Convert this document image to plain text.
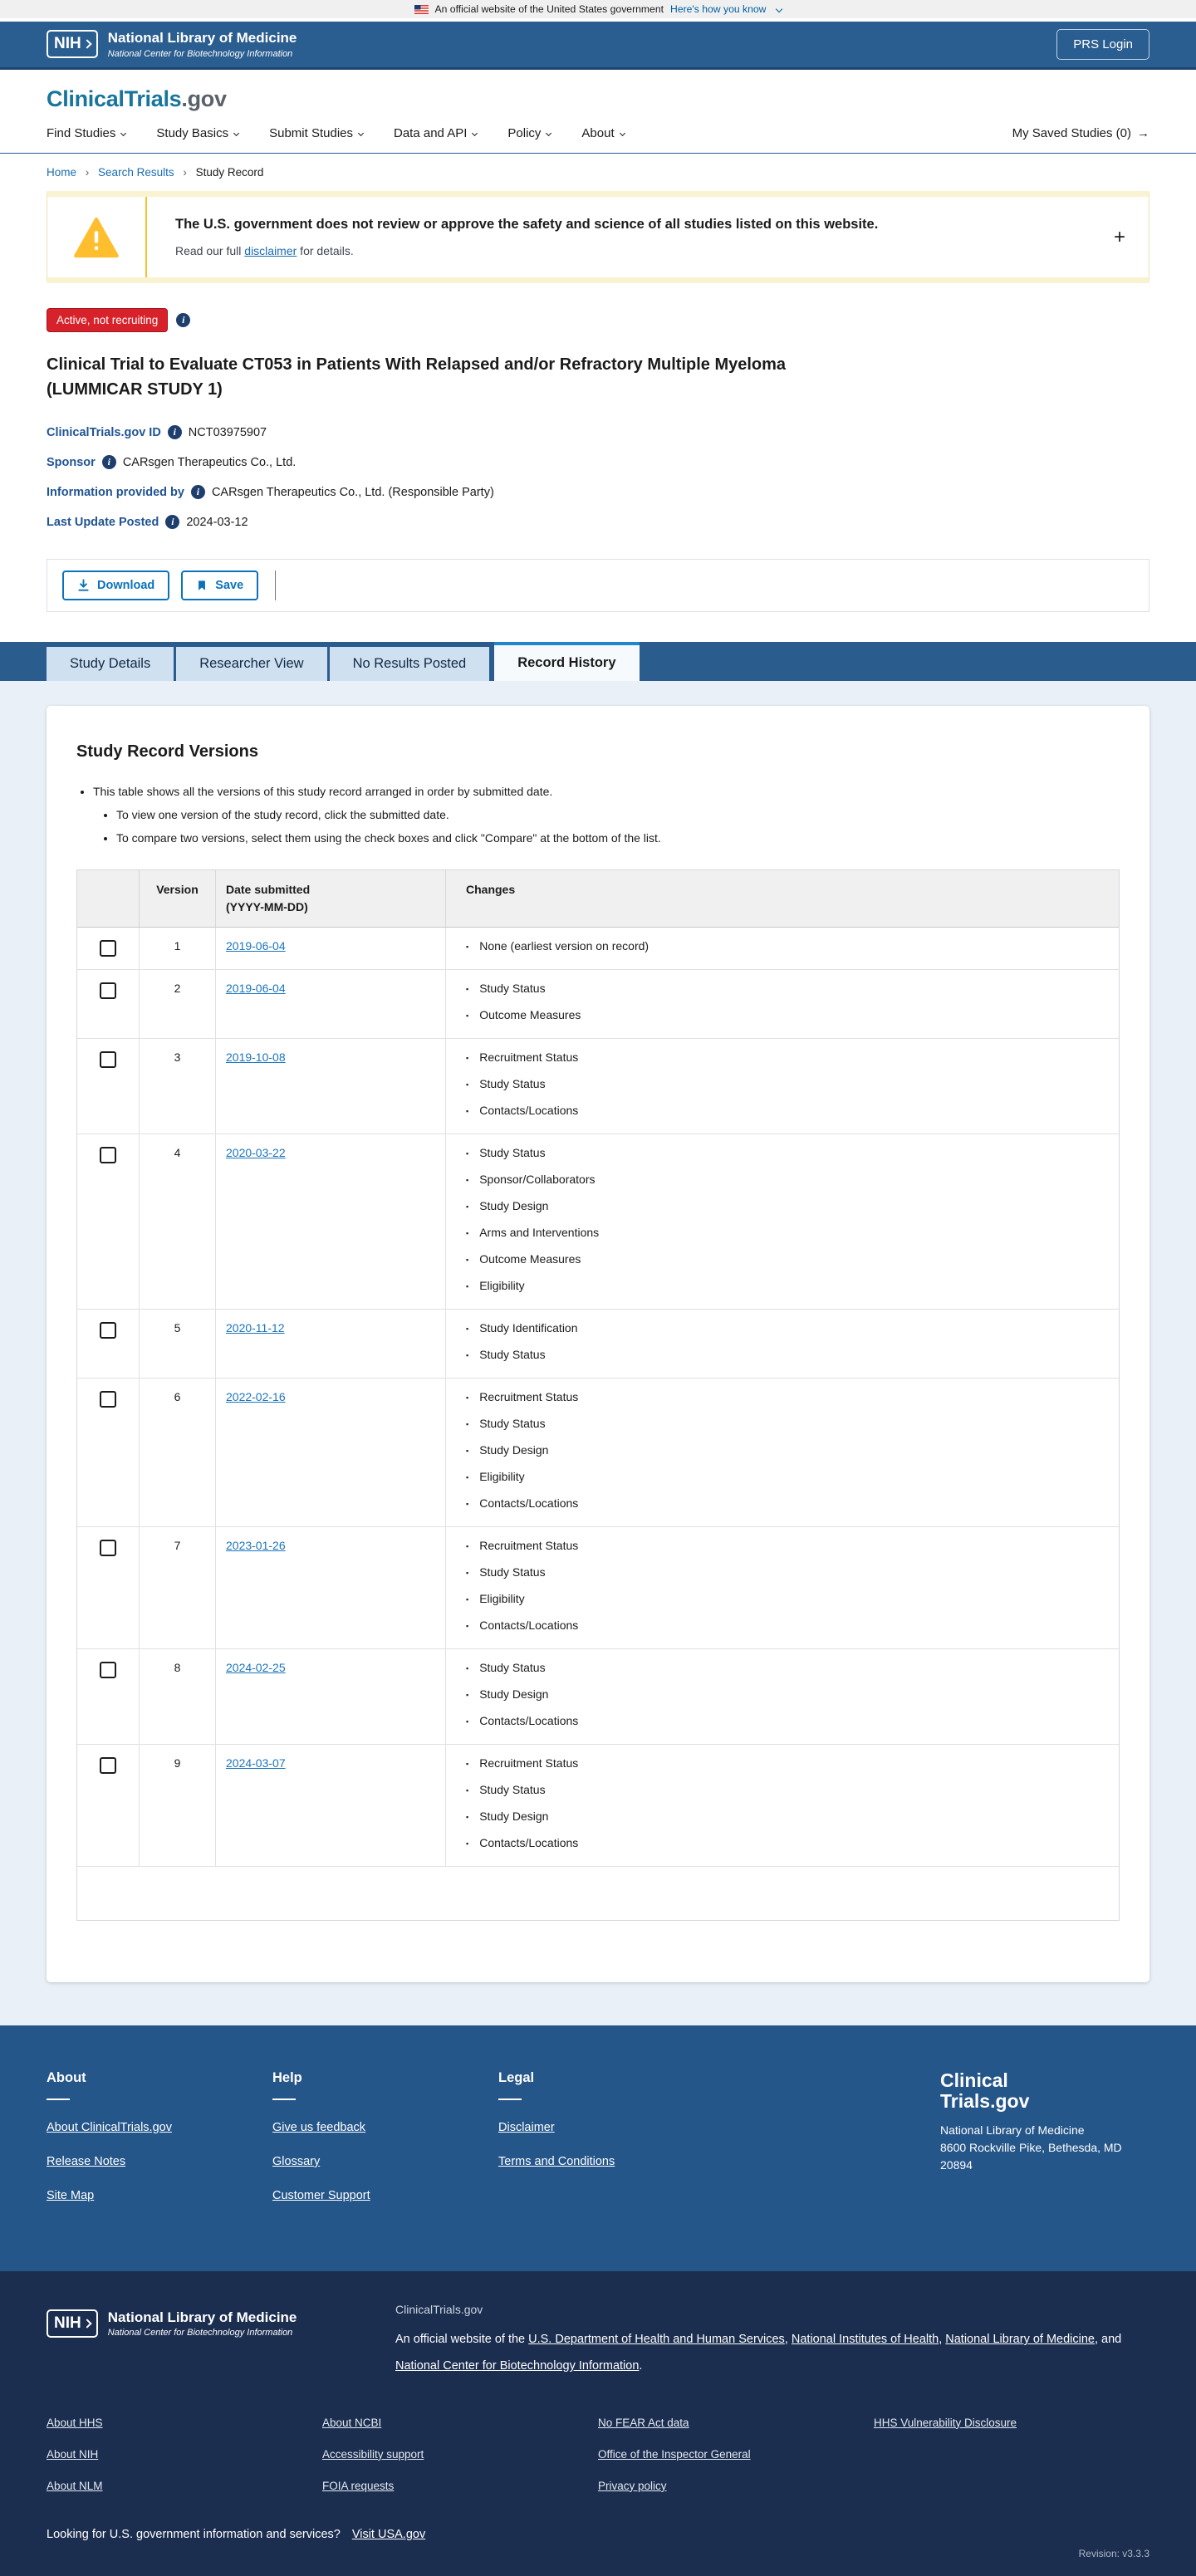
An official website of the United States government Here's how you know
NIH National Library of Medicine
National Center for Biotechnology Information
PRS Login
ClinicalTrials.gov
Find Studies	Study Basics	Submit Studies	Data and API	Policy	About	My Saved Studies (0) →
Home › Search Results › Study Record
The U.S. government does not review or approve the safety and science of all studies listed on this website.
Read our full disclaimer for details.
+
Active, not recruiting	i
Clinical Trial to Evaluate CT053 in Patients With Relapsed and/or Refractory Multiple Myeloma (LUMMICAR STUDY 1)
ClinicalTrials.gov ID	i	NCT03975907
Sponsor	i	CARsgen Therapeutics Co., Ltd.
Information provided by	i	CARsgen Therapeutics Co., Ltd. (Responsible Party)
Last Update Posted	i	2024-03-12
Download	Save
Study Details	Researcher View	No Results Posted	Record History
Study Record Versions
• This table shows all the versions of this study record arranged in order by submitted date.
• To view one version of the study record, click the submitted date.
• To compare two versions, select them using the check boxes and click "Compare" at the bottom of the list.
Version	Date submitted
(YYYY-MM-DD)
Changes
1	2019-06-04	▪ None (earliest version on record)
2	2019-06-04	▪ Study Status
▪ Outcome Measures
3	2019-10-08	▪ Recruitment Status
▪ Study Status
▪ Contacts/Locations
4	2020-03-22	▪ Study Status
▪ Sponsor/Collaborators
▪ Study Design
▪ Arms and Interventions
▪ Outcome Measures
▪ Eligibility
5	2020-11-12	▪ Study Identification
▪ Study Status
6	2022-02-16	▪ Recruitment Status
▪ Study Status
▪ Study Design
▪ Eligibility
▪ Contacts/Locations
7	2023-01-26	▪ Recruitment Status
▪ Study Status
▪ Eligibility
▪ Contacts/Locations
8	2024-02-25	▪ Study Status
▪ Study Design
▪ Contacts/Locations
9	2024-03-07	▪ Recruitment Status
▪ Study Status
▪ Study Design
▪ Contacts/Locations
About
About ClinicalTrials.gov
Release Notes
Site Map
Help
Give us feedback
Glossary
Customer Support
Legal
Disclaimer
Terms and Conditions
Clinical
Trials.gov
National Library of Medicine
8600 Rockville Pike, Bethesda, MD 20894
NIH National Library of Medicine
National Center for Biotechnology Information
ClinicalTrials.gov
An official website of the U.S. Department of Health and Human Services, National Institutes of Health, National Library of Medicine, and National Center for Biotechnology Information.
About HHS
About NIH
About NLM
About NCBI
Accessibility support
FOIA requests
No FEAR Act data
Office of the Inspector General
Privacy policy
HHS Vulnerability Disclosure
Looking for U.S. government information and services? Visit USA.gov
Revision: v3.3.3
